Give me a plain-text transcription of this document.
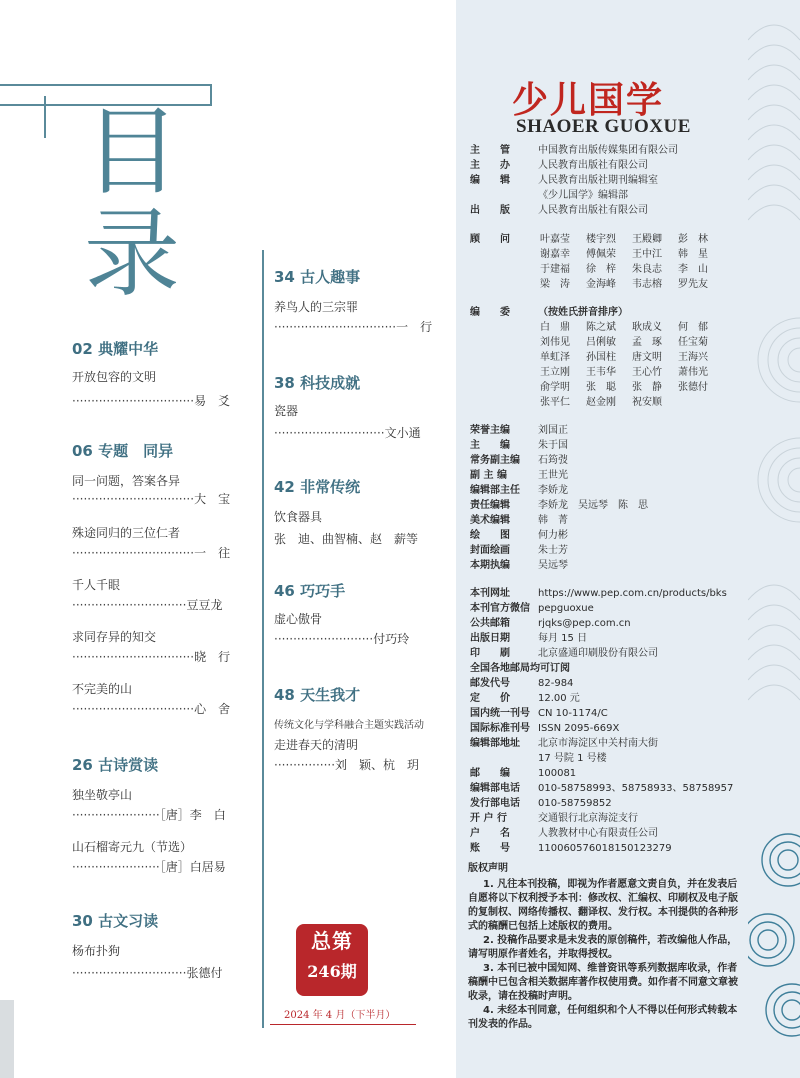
目
录
02 典耀中华
开放包容的文明
································易　爻
06 专题　同异
同一问题，答案各异
································大　宝
殊途同归的三位仁者
································一　往
千人千眼
······························豆豆龙
求同存异的知交
································晓　行
不完美的山
································心　舍
26 古诗赏读
独坐敬亭山
·······················［唐］李　白
山石榴寄元九（节选）
·······················［唐］白居易
30 古文习读
杨布扑狗
······························张德付
34 古人趣事
养鸟人的三宗罪
································一　行
38 科技成就
瓷器
·····························文小通
42 非常传统
饮食器具
张　迪、曲智楠、赵　薪等
46 巧巧手
虚心傲骨
··························付巧玲
48 天生我才
传统文化与学科融合主题实践活动
走进春天的清明
················刘　颖、杭　玥
总第
246期
2024 年 4 月（下半月）
少儿国学
SHAOER GUOXUE
主　　管	中国教育出版传媒集团有限公司
主　　办	人民教育出版社有限公司
编　　辑	人民教育出版社期刊编辑室
《少儿国学》编辑部
出　　版	人民教育出版社有限公司
顾　　问	叶嘉莹 楼宇烈 王殿卿 彭　林
谢嘉幸 傅佩荣 王中江 韩　星
于建福 徐　梓 朱良志 李　山
梁　涛 金海峰 韦志榕 罗先友
编　　委	（按姓氏拼音排序）
白　鼎 陈之斌 耿成义 何　郁
刘伟见 吕俐敏 孟　琢 任宝菊
单虹泽 孙国柱 唐文明 王海兴
王立刚 王韦华 王心竹 萧伟光
俞学明 张　聪 张　静 张德付
张平仁 赵金刚 祝安顺
荣誉主编	刘国正
主　　编	朱于国
常务副主编 石筠弢
副 主 编	王世光
编辑部主任 李娇龙
责任编辑	李娇龙　吴远琴　陈　思
美术编辑	韩　菁
绘　　图	何力彬
封面绘画	朱士芳
本期执编	吴远琴
本刊网址	https://www.pep.com.cn/products/bks
本刊官方微信 pepguoxue
公共邮箱	rjqks@pep.com.cn
出版日期	每月 15 日
印　　刷	北京盛通印刷股份有限公司
全国各地邮局均可订阅
邮发代号	82-984
定　　价	12.00 元
国内统一刊号 CN 10-1174/C
国际标准刊号 ISSN 2095-669X
编辑部地址 北京市海淀区中关村南大街
17 号院 1 号楼
邮　　编	100081
编辑部电话 010-58758993、58758933、58758957
发行部电话 010-58759852
开 户 行	交通银行北京海淀支行
户　　名	人教教材中心有限责任公司
账　　号	110060576018150123279
版权声明

1. 凡往本刊投稿，即视为作者愿意文责自负，并在发表后自愿将以下权利授予本刊：修改权、汇编权、印刷权及电子版的复制权、网络传播权、翻译权、发行权。本刊提供的各种形式的稿酬已包括上述版权的费用。

2. 投稿作品要求是未发表的原创稿件，若改编他人作品，请写明原作者姓名，并取得授权。

3. 本刊已被中国知网、维普资讯等系列数据库收录，作者稿酬中已包含相关数据库著作权使用费。如作者不同意文章被收录，请在投稿时声明。

4. 未经本刊同意，任何组织和个人不得以任何形式转载本刊发表的作品。
